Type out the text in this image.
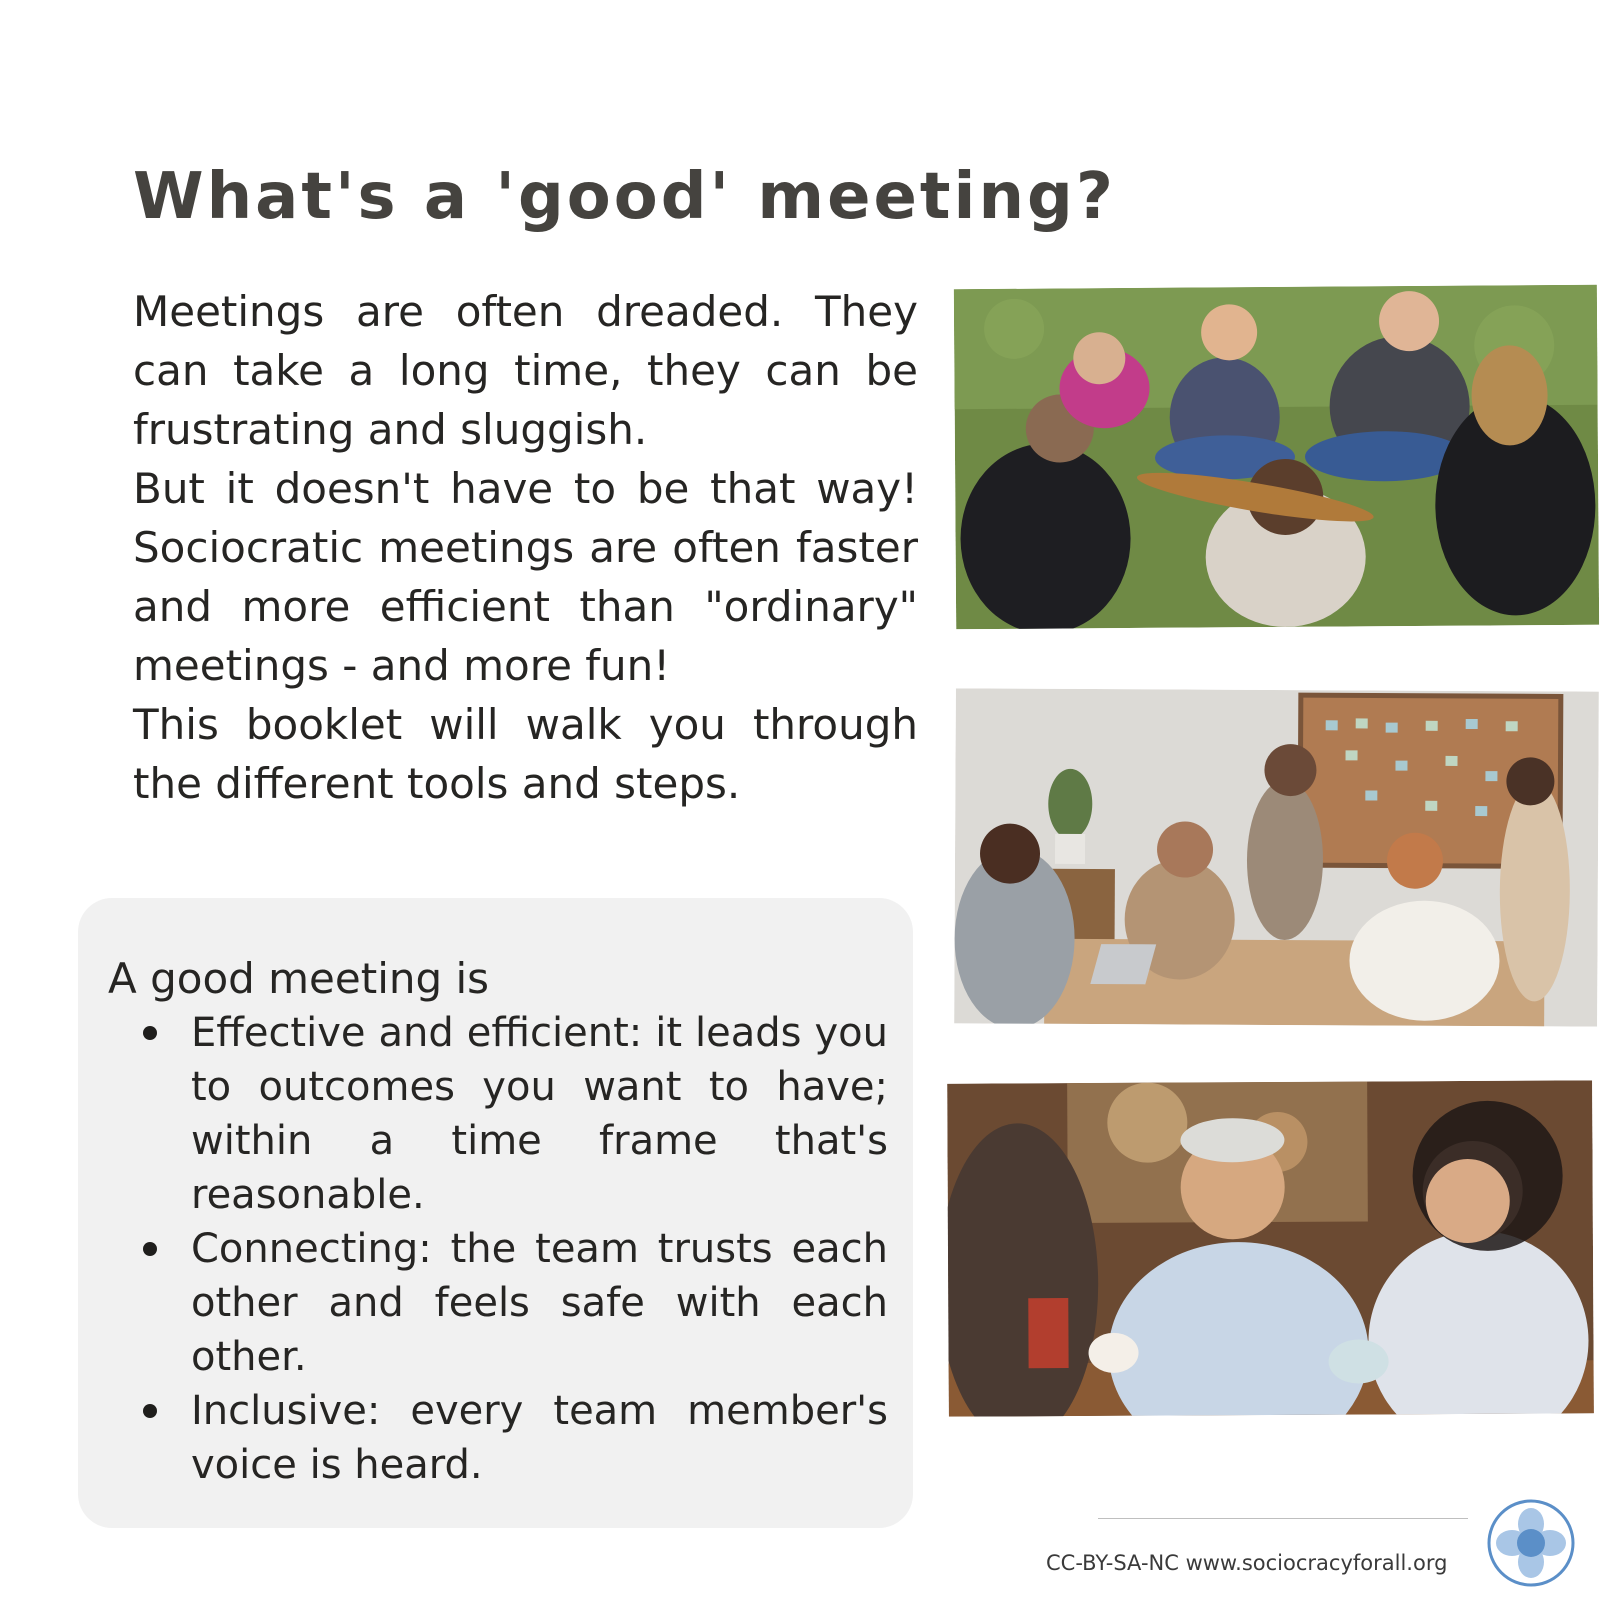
What's a 'good' meeting?

Meetings are often dreaded. They can take a long time, they can be frustrating and sluggish.

But it doesn't have to be that way! Sociocratic meetings are often faster and more efficient than "ordinary" meetings - and more fun!

This booklet will walk you through the different tools and steps.

A good meeting is
Effective and efficient: it leads you to outcomes you want to have; within a time frame that's reasonable.
Connecting: the team trusts each other and feels safe with each other.
Inclusive: every team member's voice is heard.
CC-BY-SA-NC www.sociocracyforall.org
